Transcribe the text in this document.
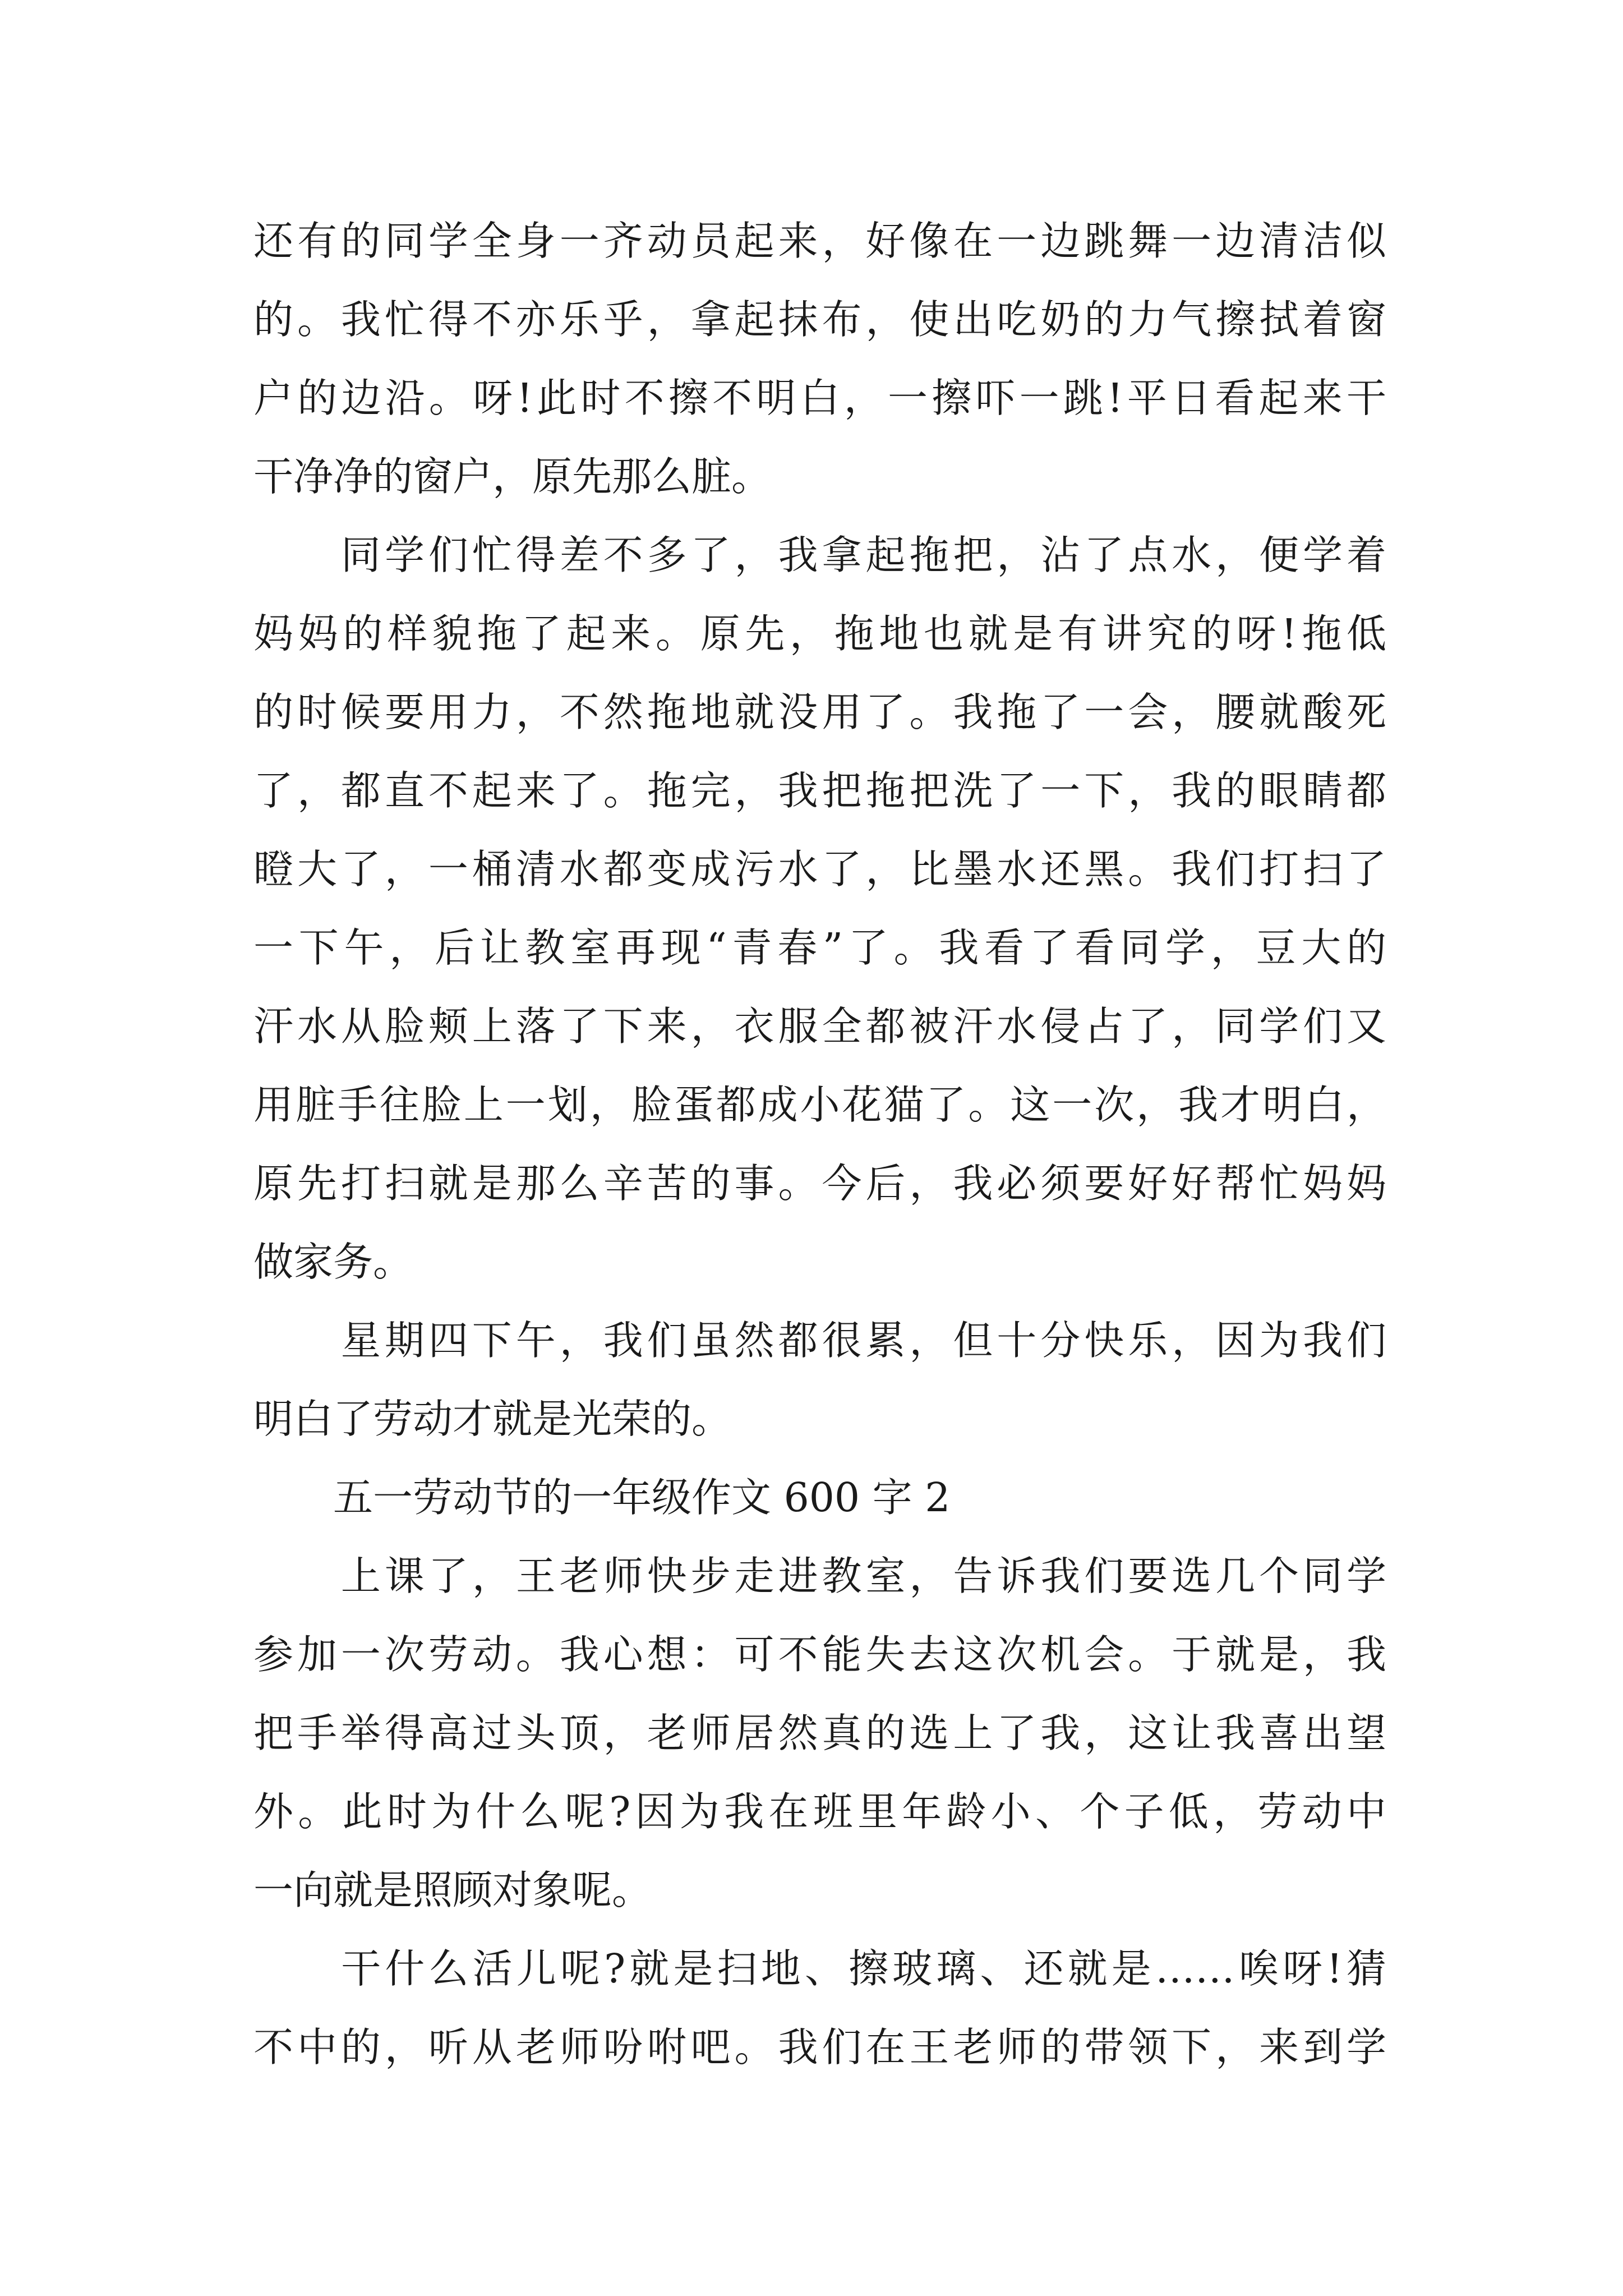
还有的同学全身一齐动员起来，好像在一边跳舞一边清洁似
的。我忙得不亦乐乎，拿起抹布，使出吃奶的力气擦拭着窗
户的边沿。呀!此时不擦不明白，一擦吓一跳!平日看起来干
干净净的窗户，原先那么脏。
　　同学们忙得差不多了，我拿起拖把，沾了点水，便学着
妈妈的样貌拖了起来。原先，拖地也就是有讲究的呀!拖低
的时候要用力，不然拖地就没用了。我拖了一会，腰就酸死
了，都直不起来了。拖完，我把拖把洗了一下，我的眼睛都
瞪大了，一桶清水都变成污水了，比墨水还黑。我们打扫了
一下午，后让教室再现“青春”了。我看了看同学，豆大的
汗水从脸颊上落了下来，衣服全都被汗水侵占了，同学们又
用脏手往脸上一划，脸蛋都成小花猫了。这一次，我才明白，
原先打扫就是那么辛苦的事。今后，我必须要好好帮忙妈妈
做家务。
　　星期四下午，我们虽然都很累，但十分快乐，因为我们
明白了劳动才就是光荣的。
　　五一劳动节的一年级作文 600 字 2
　　上课了，王老师快步走进教室，告诉我们要选几个同学
参加一次劳动。我心想：可不能失去这次机会。于就是，我
把手举得高过头顶，老师居然真的选上了我，这让我喜出望
外。此时为什么呢?因为我在班里年龄小、个子低，劳动中
一向就是照顾对象呢。
　　干什么活儿呢?就是扫地、擦玻璃、还就是……唉呀!猜
不中的，听从老师吩咐吧。我们在王老师的带领下，来到学
